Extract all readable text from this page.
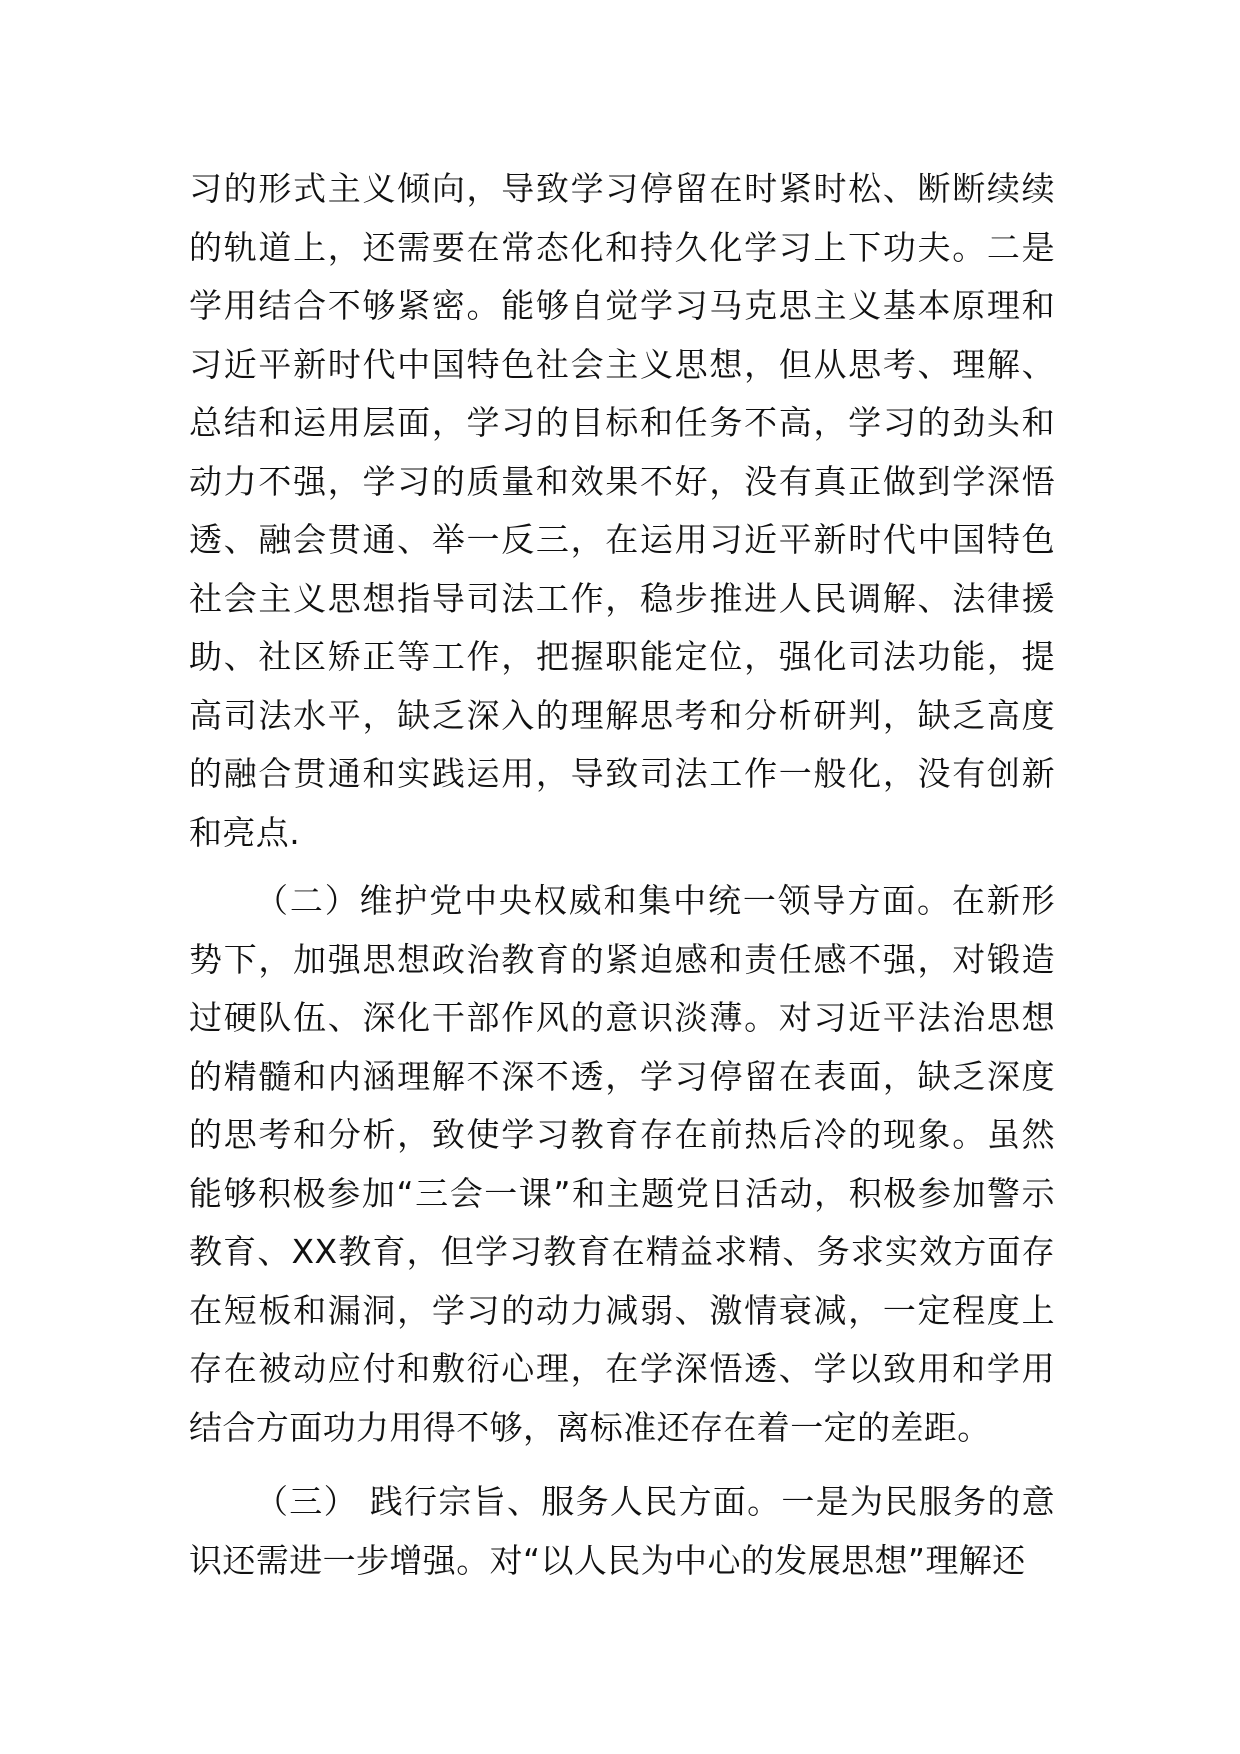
习的形式主义倾向，导致学习停留在时紧时松、断断续续的轨道上，还需要在常态化和持久化学习上下功夫。二是学用结合不够紧密。能够自觉学习马克思主义基本原理和习近平新时代中国特色社会主义思想，但从思考、理解、总结和运用层面，学习的目标和任务不高，学习的劲头和动力不强，学习的质量和效果不好，没有真正做到学深悟透、融会贯通、举一反三，在运用习近平新时代中国特色社会主义思想指导司法工作，稳步推进人民调解、法律援助、社区矫正等工作，把握职能定位，强化司法功能，提高司法水平，缺乏深入的理解思考和分析研判，缺乏高度的融合贯通和实践运用，导致司法工作一般化，没有创新和亮点.

（二）维护党中央权威和集中统一领导方面。在新形势下，加强思想政治教育的紧迫感和责任感不强，对锻造过硬队伍、深化干部作风的意识淡薄。对习近平法治思想的精髓和内涵理解不深不透，学习停留在表面，缺乏深度的思考和分析，致使学习教育存在前热后冷的现象。虽然能够积极参加“三会一课”和主题党日活动，积极参加警示教育、XX教育，但学习教育在精益求精、务求实效方面存在短板和漏洞，学习的动力减弱、激情衰减，一定程度上存在被动应付和敷衍心理，在学深悟透、学以致用和学用结合方面功力用得不够，离标准还存在着一定的差距。

（三） 践行宗旨、服务人民方面。一是为民服务的意识还需进一步增强。对“以人民为中心的发展思想”理解还
